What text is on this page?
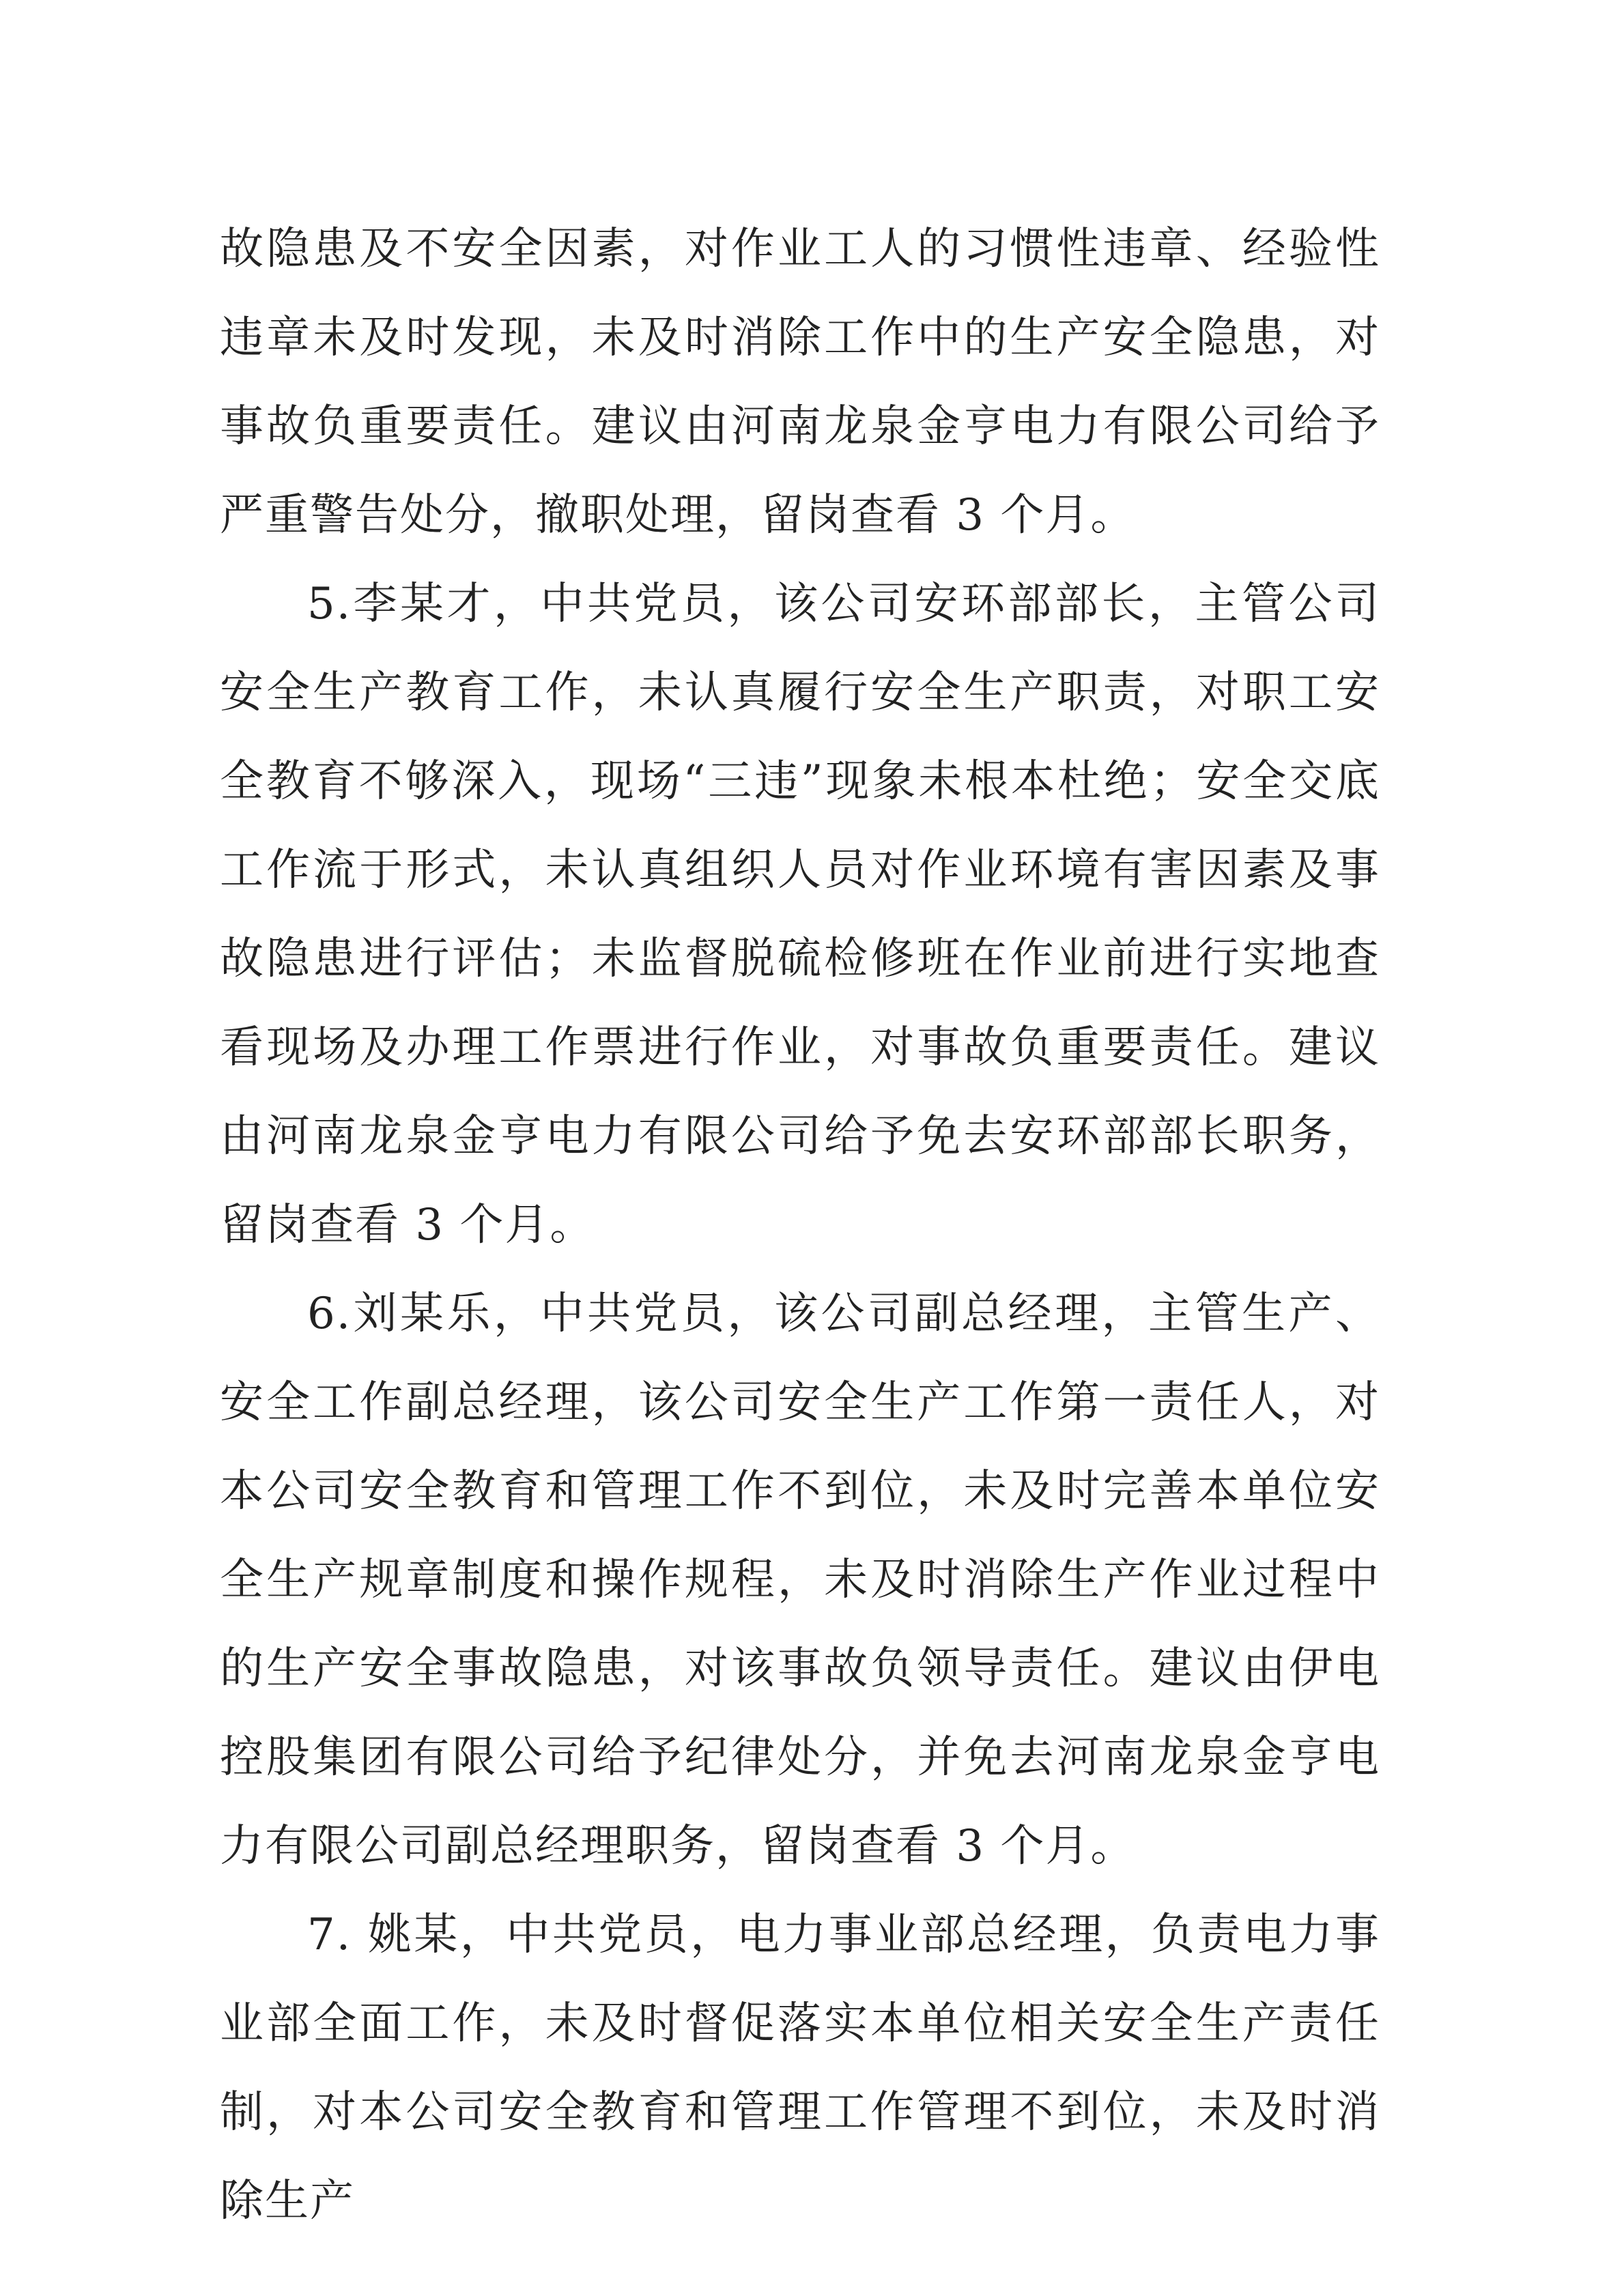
故隐患及不安全因素，对作业工人的习惯性违章、经验性违章未及时发现，未及时消除工作中的生产安全隐患，对事故负重要责任。建议由河南龙泉金亨电力有限公司给予严重警告处分，撤职处理，留岗查看 3 个月。

5.李某才，中共党员，该公司安环部部长，主管公司安全生产教育工作，未认真履行安全生产职责，对职工安全教育不够深入，现场“三违”现象未根本杜绝；安全交底工作流于形式，未认真组织人员对作业环境有害因素及事故隐患进行评估；未监督脱硫检修班在作业前进行实地查看现场及办理工作票进行作业，对事故负重要责任。建议由河南龙泉金亨电力有限公司给予免去安环部部长职务，留岗查看 3 个月。

6.刘某乐，中共党员，该公司副总经理，主管生产、安全工作副总经理，该公司安全生产工作第一责任人，对本公司安全教育和管理工作不到位，未及时完善本单位安全生产规章制度和操作规程，未及时消除生产作业过程中的生产安全事故隐患，对该事故负领导责任。建议由伊电控股集团有限公司给予纪律处分，并免去河南龙泉金亨电力有限公司副总经理职务，留岗查看 3 个月。

7. 姚某，中共党员，电力事业部总经理，负责电力事业部全面工作，未及时督促落实本单位相关安全生产责任制，对本公司安全教育和管理工作管理不到位，未及时消除生产
